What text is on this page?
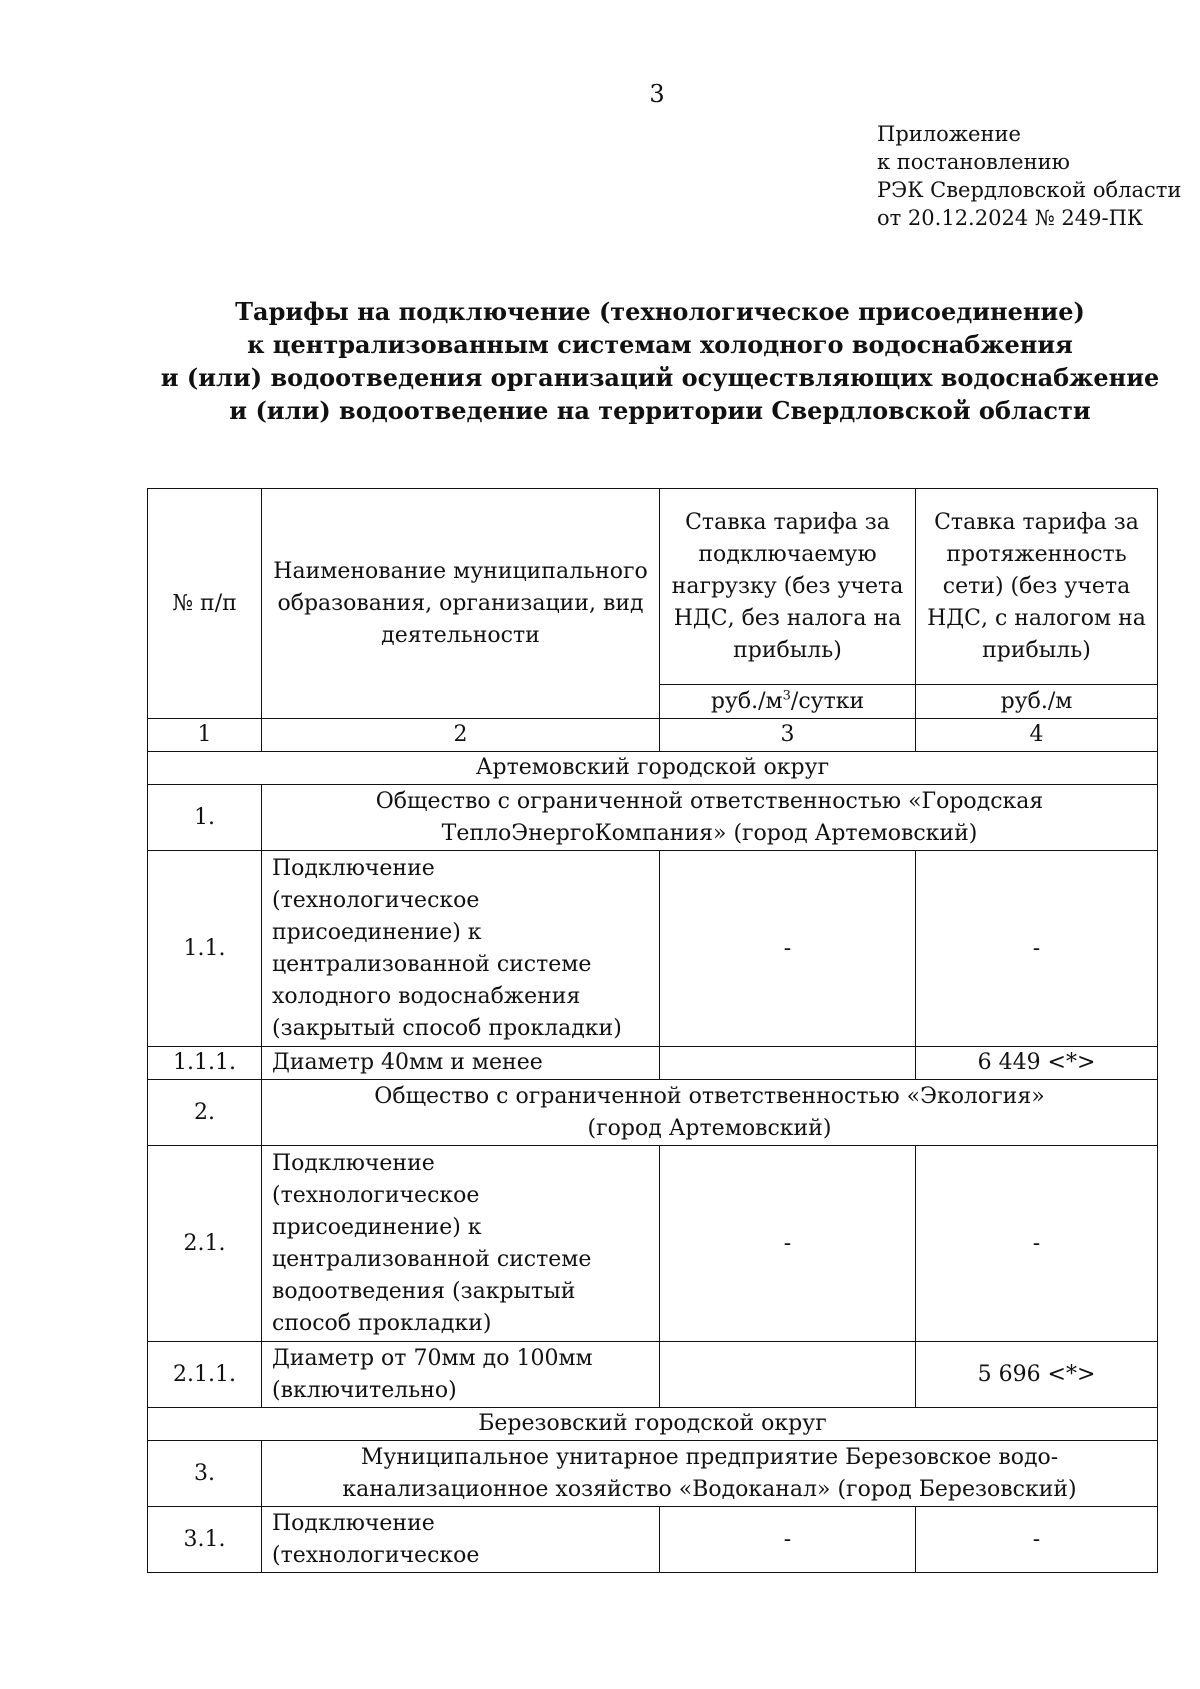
3
Приложение
к постановлению
РЭК Свердловской области
от 20.12.2024 № 249-ПК
Тарифы на подключение (технологическое присоединение)
к централизованным системам холодного водоснабжения
и (или) водоотведения организаций осуществляющих водоснабжение
и (или) водоотведение на территории Свердловской области
№ п/п	Наименование муниципального образования, организации, вид деятельности	Ставка тарифа за подключаемую нагрузку (без учета НДС, без налога на прибыль)	Ставка тарифа за протяженность сети) (без учета НДС, с налогом на прибыль)
		$руб./м^3$/сутки	руб./м
1	2	3	4
Артемовский городской округ			
1.	Общество с ограниченной ответственностью «Городская
ТеплоЭнергоКомпания» (город Артемовский)		

1.1.	Подключение (технологическое присоединение) к централизованной системе холодного водоснабжения (закрытый способ прокладки)	-	-
1.1.1.	Диаметр 40мм и менее		6 449 <*>
2.	Общество с ограниченной ответственностью «Экология»
(город Артемовский)		

2.1.	Подключение (технологическое присоединение) к централизованной системе водоотведения (закрытый способ прокладки)	-	-
2.1.1.	Диаметр от 70мм до 100мм (включительно)		5 696 <*>
Березовский городской округ			
3.	Муниципальное унитарное предприятие Березовское водо-
канализационное хозяйство «Водоканал» (город Березовский)		

3.1.	Подключение (технологическое	-	-
